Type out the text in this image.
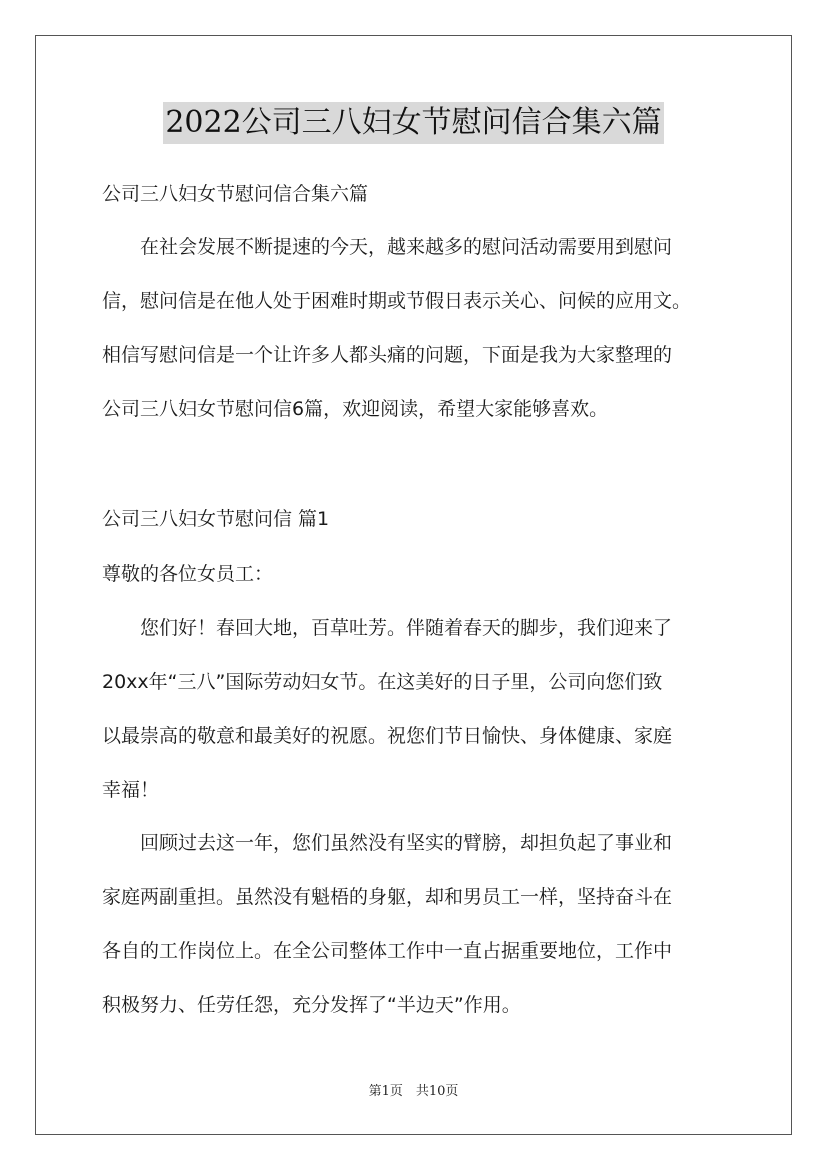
2022公司三八妇女节慰问信合集六篇
公司三八妇女节慰问信合集六篇
　　在社会发展不断提速的今天，越来越多的慰问活动需要用到慰问
信，慰问信是在他人处于困难时期或节假日表示关心、问候的应用文。
相信写慰问信是一个让许多人都头痛的问题，下面是我为大家整理的
公司三八妇女节慰问信6篇，欢迎阅读，希望大家能够喜欢。
公司三八妇女节慰问信 篇1
尊敬的各位女员工：
　　您们好！春回大地，百草吐芳。伴随着春天的脚步，我们迎来了
20xx年“三八”国际劳动妇女节。在这美好的日子里，公司向您们致
以最崇高的敬意和最美好的祝愿。祝您们节日愉快、身体健康、家庭
幸福！
　　回顾过去这一年，您们虽然没有坚实的臂膀，却担负起了事业和
家庭两副重担。虽然没有魁梧的身躯，却和男员工一样，坚持奋斗在
各自的工作岗位上。在全公司整体工作中一直占据重要地位，工作中
积极努力、任劳任怨，充分发挥了“半边天”作用。
第1页　共10页
